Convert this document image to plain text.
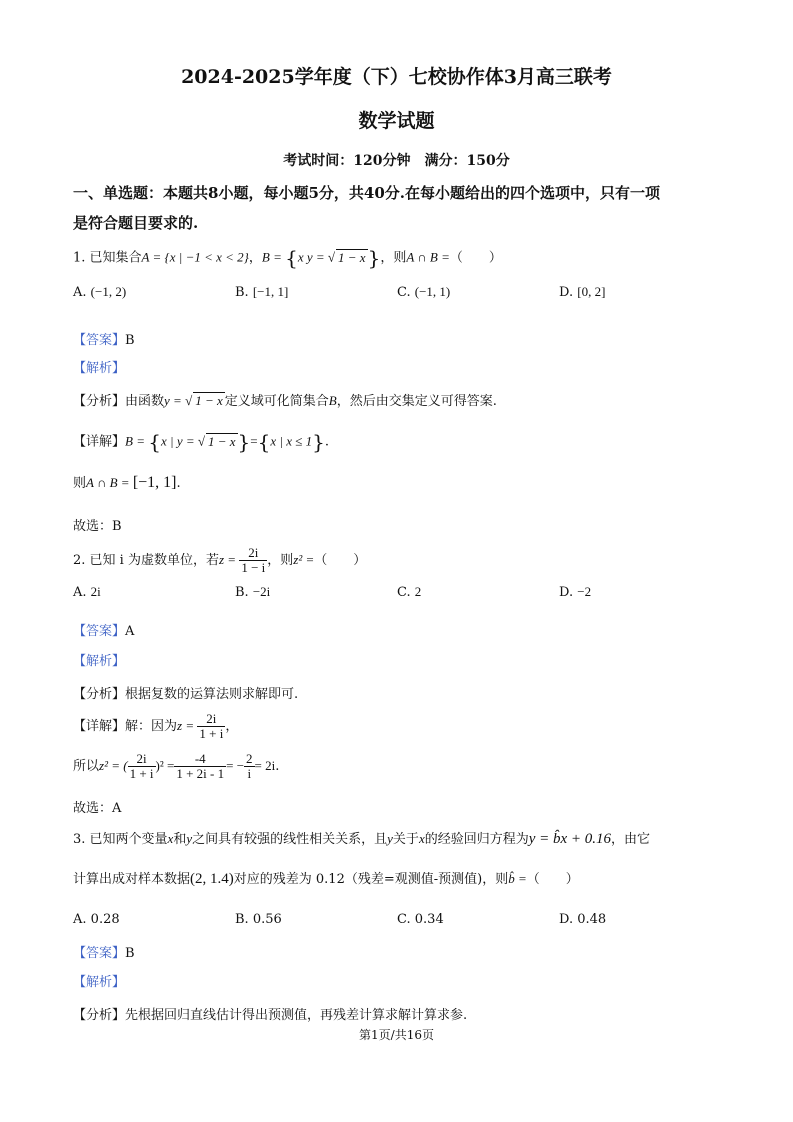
2024-2025学年度（下）七校协作体3月高三联考
数学试题
考试时间：120分钟　满分：150分
一、单选题：本题共8小题，每小题5分，共40分.在每小题给出的四个选项中，只有一项
是符合题目要求的.
1. 已知集合A = {x | −1 < x < 2}，B = {x y = √ 1 − x }，则A ∩ B =（　　）
A. (−1, 2)	B. [−1, 1]	C. (−1, 1)	D. [0, 2]
【答案】B
【解析】
【分析】由函数y = √ 1 − x 定义域可化简集合B，然后由交集定义可得答案.
【详解】B = {x | y = √ 1 − x }={x | x ≤ 1}.
则A ∩ B = [−1, 1].
故选：B
2. 已知 i 为虚数单位，若$z = \frac{2i}{1 - i}$ ，则z² =（　　）
A. 2i	B. −2i	C. 2	D. −2
【答案】A
【解析】
【分析】根据复数的运算法则求解即可.
【详解】解：因为$z = \frac{2i}{1 + i}$ ，
所以z² = ( $\frac{2i}{1 + i} )^2 = \frac{-4}{1 + 2i - 1}$ = − $\frac{2}{i} = 2i$.
故选：A
3. 已知两个变量x和y之间具有较强的线性相关关系，且y关于x的经验回归方程为y = b̂x + 0.16，由它
计算出成对样本数据(2, 1.4)对应的残差为 0.12（残差=观测值-预测值)，则b̂ =（　　）
A. 0.28	B. 0.56	C. 0.34	D. 0.48
【答案】B
【解析】
【分析】先根据回归直线估计得出预测值，再残差计算求解计算求参.
第1页/共16页
